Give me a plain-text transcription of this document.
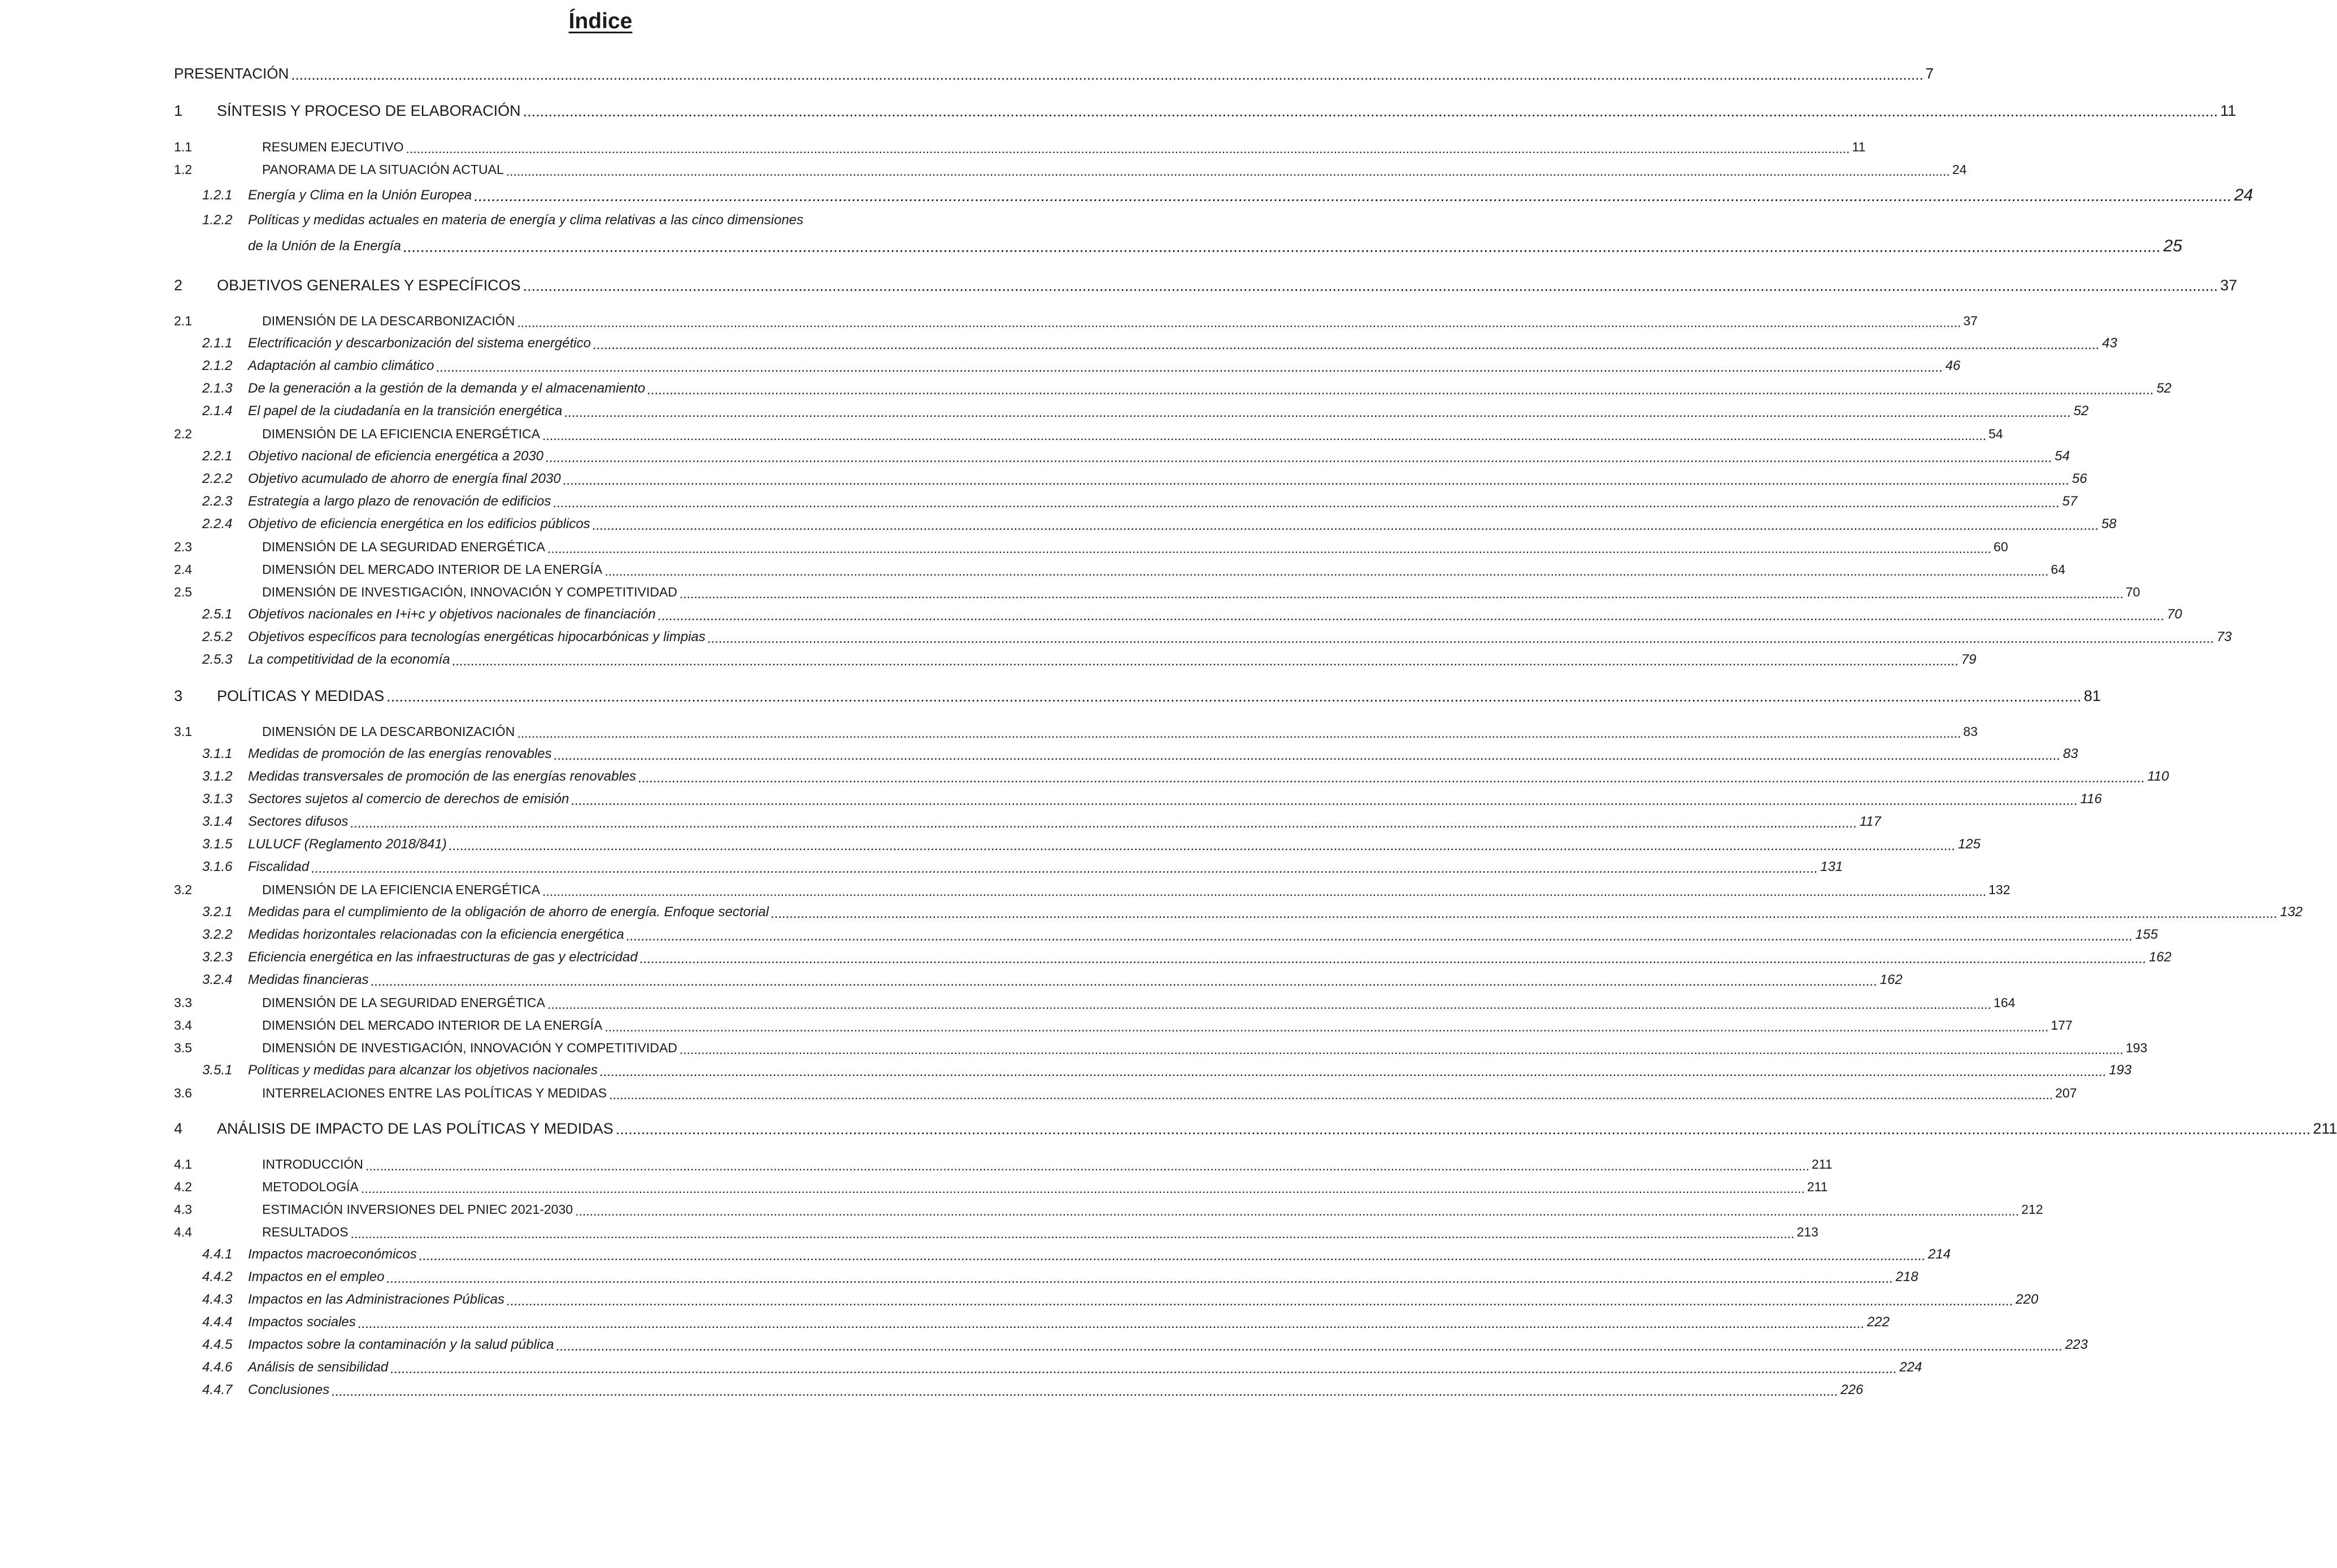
Índice
PRESENTACIÓN ................................................................................................................................................................................................................................................................................................................................................................................................................ 7
1 SÍNTESIS Y PROCESO DE ELABORACIÓN ................................................................................................................................................................................................................................................................................................................................................................................................................ 11
1.1	RESUMEN EJECUTIVO ................................................................................................................................................................................................................................................................................................................................................................................................................ 11
1.2	PANORAMA DE LA SITUACIÓN ACTUAL ................................................................................................................................................................................................................................................................................................................................................................................................................ 24
1.2.1 Energía y Clima en la Unión Europea ................................................................................................................................................................................................................................................................................................................................................................................................................ 24
1.2.2 Políticas y medidas actuales en materia de energía y clima relativas a las cinco dimensiones
de la Unión de la Energía ................................................................................................................................................................................................................................................................................................................................................................................................................ 25
2 OBJETIVOS GENERALES Y ESPECÍFICOS ................................................................................................................................................................................................................................................................................................................................................................................................................ 37
2.1	DIMENSIÓN DE LA DESCARBONIZACIÓN ................................................................................................................................................................................................................................................................................................................................................................................................................ 37
2.1.1 Electrificación y descarbonización del sistema energético ................................................................................................................................................................................................................................................................................................................................................................................................................ 43
2.1.2 Adaptación al cambio climático ................................................................................................................................................................................................................................................................................................................................................................................................................ 46
2.1.3 De la generación a la gestión de la demanda y el almacenamiento ................................................................................................................................................................................................................................................................................................................................................................................................................ 52
2.1.4 El papel de la ciudadanía en la transición energética ................................................................................................................................................................................................................................................................................................................................................................................................................ 52
2.2	DIMENSIÓN DE LA EFICIENCIA ENERGÉTICA ................................................................................................................................................................................................................................................................................................................................................................................................................ 54
2.2.1 Objetivo nacional de eficiencia energética a 2030 ................................................................................................................................................................................................................................................................................................................................................................................................................ 54
2.2.2 Objetivo acumulado de ahorro de energía final 2030 ................................................................................................................................................................................................................................................................................................................................................................................................................ 56
2.2.3 Estrategia a largo plazo de renovación de edificios ................................................................................................................................................................................................................................................................................................................................................................................................................ 57
2.2.4 Objetivo de eficiencia energética en los edificios públicos ................................................................................................................................................................................................................................................................................................................................................................................................................ 58
2.3	DIMENSIÓN DE LA SEGURIDAD ENERGÉTICA ................................................................................................................................................................................................................................................................................................................................................................................................................ 60
2.4	DIMENSIÓN DEL MERCADO INTERIOR DE LA ENERGÍA ................................................................................................................................................................................................................................................................................................................................................................................................................ 64
2.5	DIMENSIÓN DE INVESTIGACIÓN, INNOVACIÓN Y COMPETITIVIDAD ................................................................................................................................................................................................................................................................................................................................................................................................................ 70
2.5.1 Objetivos nacionales en I+i+c y objetivos nacionales de financiación ................................................................................................................................................................................................................................................................................................................................................................................................................ 70
2.5.2 Objetivos específicos para tecnologías energéticas hipocarbónicas y limpias ................................................................................................................................................................................................................................................................................................................................................................................................................ 73
2.5.3 La competitividad de la economía ................................................................................................................................................................................................................................................................................................................................................................................................................ 79
3 POLÍTICAS Y MEDIDAS ................................................................................................................................................................................................................................................................................................................................................................................................................ 81
3.1	DIMENSIÓN DE LA DESCARBONIZACIÓN ................................................................................................................................................................................................................................................................................................................................................................................................................ 83
3.1.1 Medidas de promoción de las energías renovables ................................................................................................................................................................................................................................................................................................................................................................................................................ 83
3.1.2 Medidas transversales de promoción de las energías renovables ................................................................................................................................................................................................................................................................................................................................................................................................................ 110
3.1.3 Sectores sujetos al comercio de derechos de emisión ................................................................................................................................................................................................................................................................................................................................................................................................................ 116
3.1.4 Sectores difusos ................................................................................................................................................................................................................................................................................................................................................................................................................ 117
3.1.5 LULUCF (Reglamento 2018/841) ................................................................................................................................................................................................................................................................................................................................................................................................................ 125
3.1.6 Fiscalidad ................................................................................................................................................................................................................................................................................................................................................................................................................ 131
3.2	DIMENSIÓN DE LA EFICIENCIA ENERGÉTICA ................................................................................................................................................................................................................................................................................................................................................................................................................ 132
3.2.1 Medidas para el cumplimiento de la obligación de ahorro de energía. Enfoque sectorial ................................................................................................................................................................................................................................................................................................................................................................................................................ 132
3.2.2 Medidas horizontales relacionadas con la eficiencia energética ................................................................................................................................................................................................................................................................................................................................................................................................................ 155
3.2.3 Eficiencia energética en las infraestructuras de gas y electricidad ................................................................................................................................................................................................................................................................................................................................................................................................................ 162
3.2.4 Medidas financieras ................................................................................................................................................................................................................................................................................................................................................................................................................ 162
3.3	DIMENSIÓN DE LA SEGURIDAD ENERGÉTICA ................................................................................................................................................................................................................................................................................................................................................................................................................ 164
3.4	DIMENSIÓN DEL MERCADO INTERIOR DE LA ENERGÍA ................................................................................................................................................................................................................................................................................................................................................................................................................ 177
3.5	DIMENSIÓN DE INVESTIGACIÓN, INNOVACIÓN Y COMPETITIVIDAD ................................................................................................................................................................................................................................................................................................................................................................................................................ 193
3.5.1 Políticas y medidas para alcanzar los objetivos nacionales ................................................................................................................................................................................................................................................................................................................................................................................................................ 193
3.6	INTERRELACIONES ENTRE LAS POLÍTICAS Y MEDIDAS ................................................................................................................................................................................................................................................................................................................................................................................................................ 207
4 ANÁLISIS DE IMPACTO DE LAS POLÍTICAS Y MEDIDAS ................................................................................................................................................................................................................................................................................................................................................................................................................ 211
4.1	INTRODUCCIÓN ................................................................................................................................................................................................................................................................................................................................................................................................................ 211
4.2	METODOLOGÍA ................................................................................................................................................................................................................................................................................................................................................................................................................ 211
4.3	ESTIMACIÓN INVERSIONES DEL PNIEC 2021-2030 ................................................................................................................................................................................................................................................................................................................................................................................................................ 212
4.4	RESULTADOS ................................................................................................................................................................................................................................................................................................................................................................................................................ 213
4.4.1 Impactos macroeconómicos ................................................................................................................................................................................................................................................................................................................................................................................................................ 214
4.4.2 Impactos en el empleo ................................................................................................................................................................................................................................................................................................................................................................................................................ 218
4.4.3 Impactos en las Administraciones Públicas ................................................................................................................................................................................................................................................................................................................................................................................................................ 220
4.4.4 Impactos sociales ................................................................................................................................................................................................................................................................................................................................................................................................................ 222
4.4.5 Impactos sobre la contaminación y la salud pública ................................................................................................................................................................................................................................................................................................................................................................................................................ 223
4.4.6 Análisis de sensibilidad ................................................................................................................................................................................................................................................................................................................................................................................................................ 224
4.4.7 Conclusiones ................................................................................................................................................................................................................................................................................................................................................................................................................ 226
